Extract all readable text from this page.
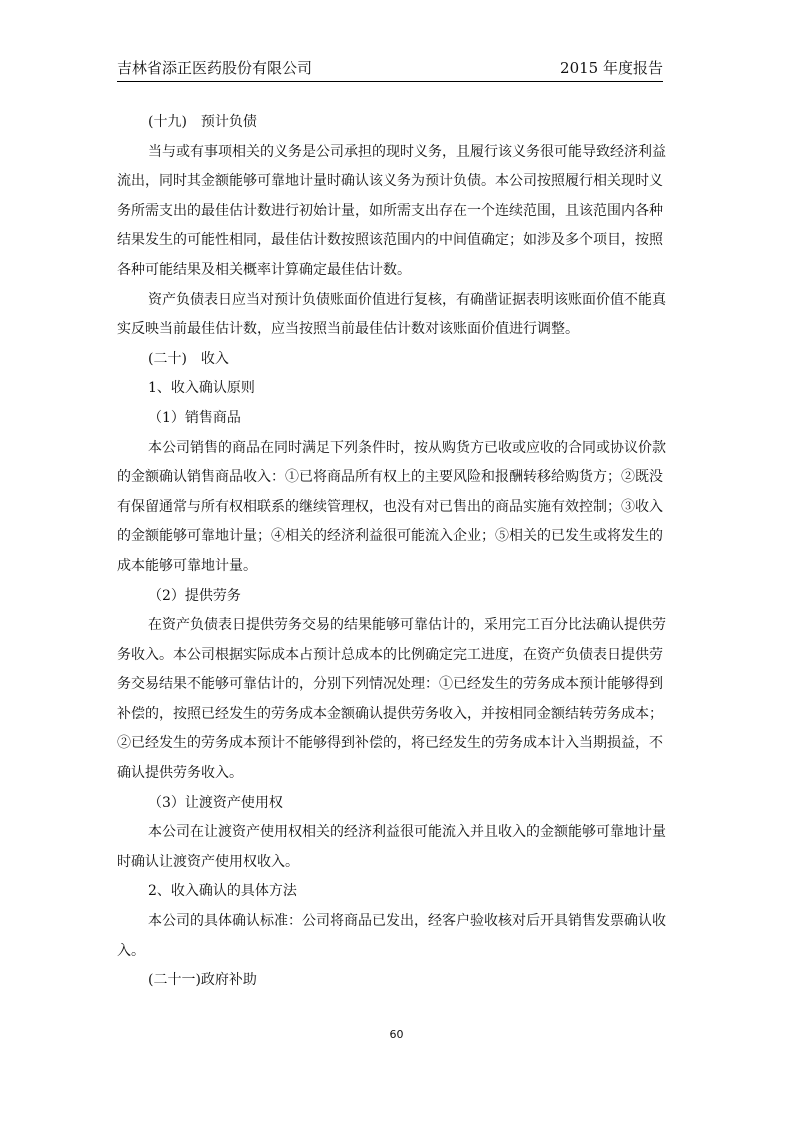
吉林省添正医药股份有限公司	2015 年度报告
(十九)　预计负债
当与或有事项相关的义务是公司承担的现时义务，且履行该义务很可能导致经济利益
流出，同时其金额能够可靠地计量时确认该义务为预计负债。本公司按照履行相关现时义
务所需支出的最佳估计数进行初始计量，如所需支出存在一个连续范围，且该范围内各种
结果发生的可能性相同，最佳估计数按照该范围内的中间值确定；如涉及多个项目，按照
各种可能结果及相关概率计算确定最佳估计数。
资产负债表日应当对预计负债账面价值进行复核，有确凿证据表明该账面价值不能真
实反映当前最佳估计数，应当按照当前最佳估计数对该账面价值进行调整。
(二十)　收入
1、收入确认原则
（1）销售商品
本公司销售的商品在同时满足下列条件时，按从购货方已收或应收的合同或协议价款
的金额确认销售商品收入：①已将商品所有权上的主要风险和报酬转移给购货方；②既没
有保留通常与所有权相联系的继续管理权，也没有对已售出的商品实施有效控制；③收入
的金额能够可靠地计量；④相关的经济利益很可能流入企业；⑤相关的已发生或将发生的
成本能够可靠地计量。
（2）提供劳务
在资产负债表日提供劳务交易的结果能够可靠估计的，采用完工百分比法确认提供劳
务收入。本公司根据实际成本占预计总成本的比例确定完工进度，在资产负债表日提供劳
务交易结果不能够可靠估计的，分别下列情况处理：①已经发生的劳务成本预计能够得到
补偿的，按照已经发生的劳务成本金额确认提供劳务收入，并按相同金额结转劳务成本；
②已经发生的劳务成本预计不能够得到补偿的，将已经发生的劳务成本计入当期损益，不
确认提供劳务收入。
（3）让渡资产使用权
本公司在让渡资产使用权相关的经济利益很可能流入并且收入的金额能够可靠地计量
时确认让渡资产使用权收入。
2、收入确认的具体方法
本公司的具体确认标准：公司将商品已发出，经客户验收核对后开具销售发票确认收
入。
(二十一)政府补助
60
